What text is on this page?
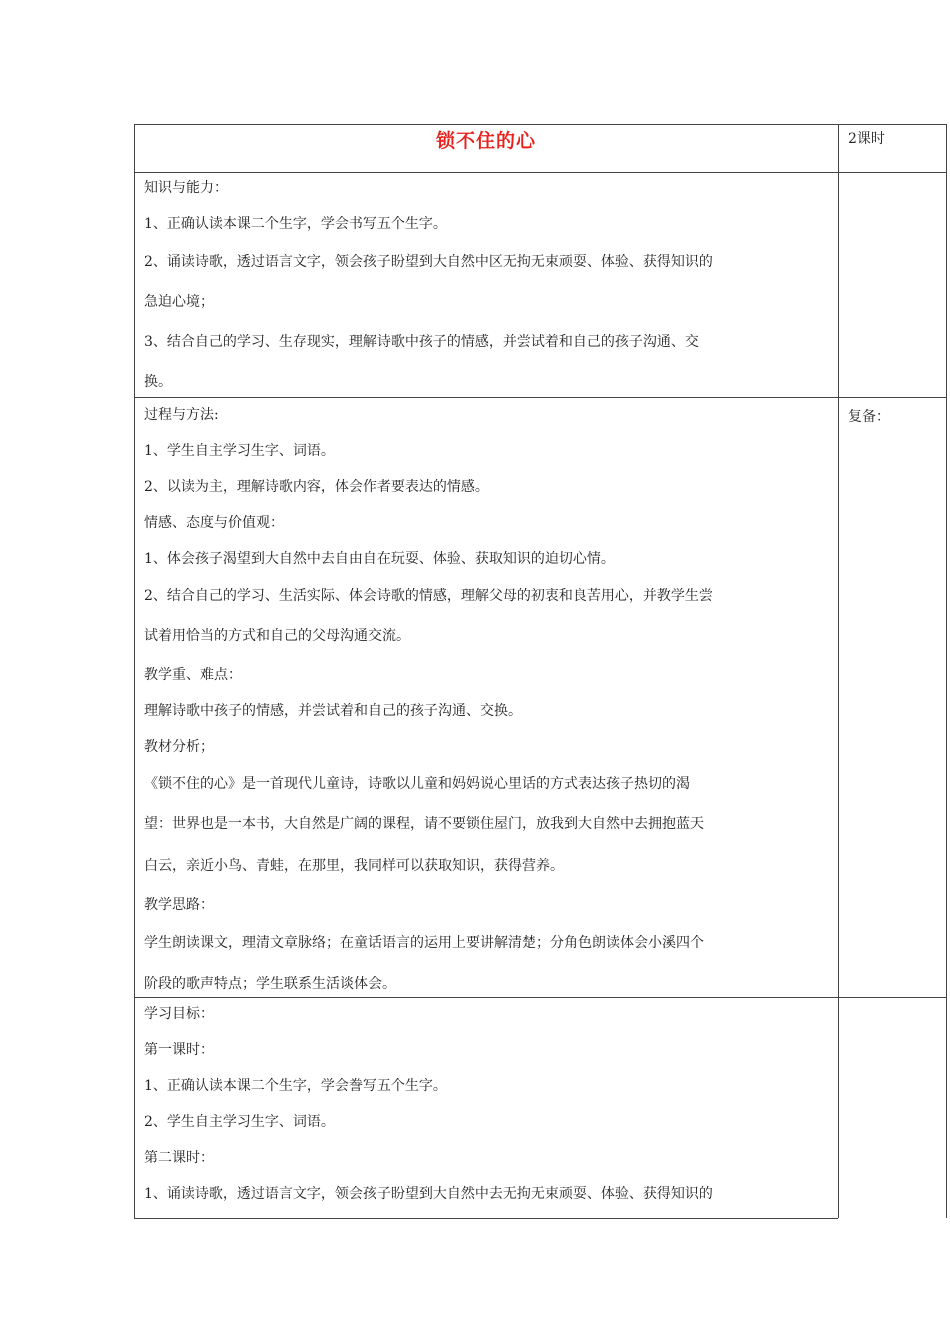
锁不住的心	2课时
复备：

知识与能力：

1、正确认读本课二个生字，学会书写五个生字。

2、诵读诗歌，透过语言文字，领会孩子盼望到大自然中区无拘无束顽耍、体验、获得知识的

急迫心境；

3、结合自己的学习、生存现实，理解诗歌中孩子的情感，并尝试着和自己的孩子沟通、交

换。

过程与方法:

1、学生自主学习生字、词语。

2、以读为主，理解诗歌内容，体会作者要表达的情感。

情感、态度与价值观：

1、体会孩子渴望到大自然中去自由自在玩耍、体验、获取知识的迫切心情。

2、结合自己的学习、生活实际、体会诗歌的情感，理解父母的初衷和良苦用心，并教学生尝

试着用恰当的方式和自己的父母沟通交流。

教学重、难点：

理解诗歌中孩子的情感，并尝试着和自己的孩子沟通、交换。

教材分析；

《锁不住的心》是一首现代儿童诗，诗歌以儿童和妈妈说心里话的方式表达孩子热切的渴

望：世界也是一本书，大自然是广阔的课程，请不要锁住屋门，放我到大自然中去拥抱蓝天

白云，亲近小鸟、青蛙，在那里，我同样可以获取知识，获得营养。

教学思路：

学生朗读课文，理清文章脉络；在童话语言的运用上要讲解清楚；分角色朗读体会小溪四个

阶段的歌声特点；学生联系生活谈体会。

学习目标：

第一课时：

1、正确认读本课二个生字，学会誊写五个生字。

2、学生自主学习生字、词语。

第二课时：

1、诵读诗歌，透过语言文字，领会孩子盼望到大自然中去无拘无束顽耍、体验、获得知识的
